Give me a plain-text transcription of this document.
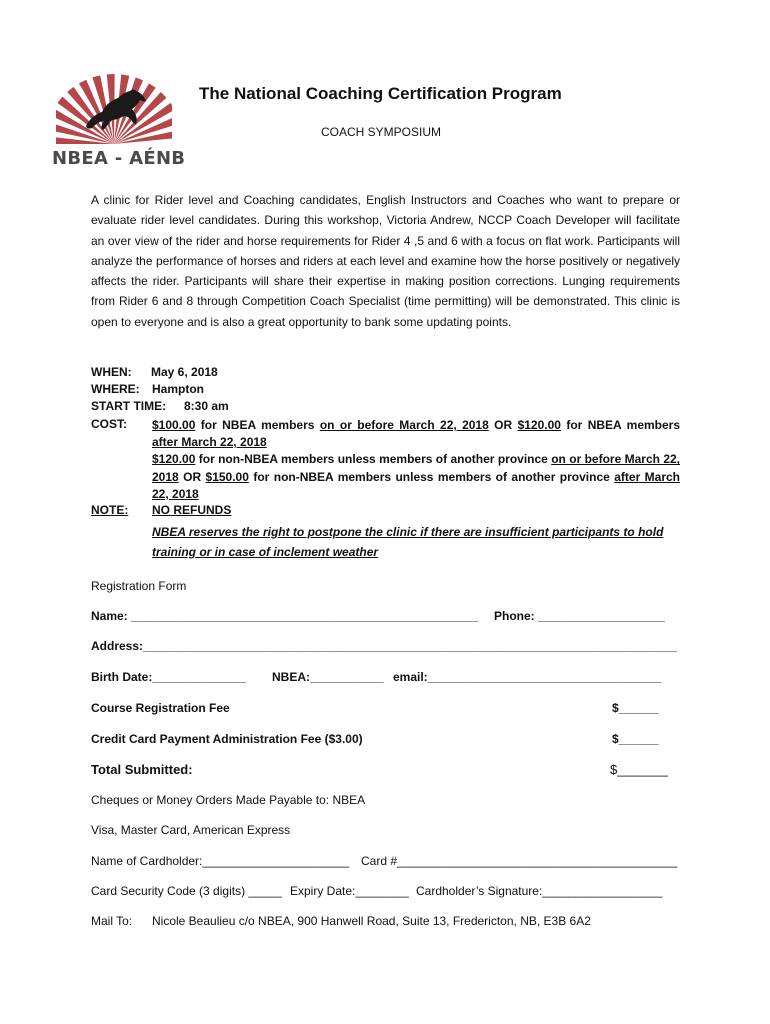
NBEA - AÉNB
The National Coaching Certification Program
COACH SYMPOSIUM

A clinic for Rider level and Coaching candidates, English Instructors and Coaches who want to prepare or evaluate rider level candidates. During this workshop, Victoria Andrew, NCCP Coach Developer will facilitate an over view of the rider and horse requirements for Rider 4 ,5 and 6 with a focus on flat work. Participants will analyze the performance of horses and riders at each level and examine how the horse positively or negatively affects the rider. Participants will share their expertise in making position corrections. Lunging requirements from Rider 6 and 8 through Competition Coach Specialist (time permitting) will be demonstrated. This clinic is open to everyone and is also a great opportunity to bank some updating points.

WHEN: May 6, 2018
WHERE: Hampton
START TIME: 8:30 am
COST: $100.00 for NBEA members on or before March 22, 2018 OR $120.00 for NBEA members after March 22, 2018
$120.00 for non-NBEA members unless members of another province on or before March 22, 2018 OR $150.00 for non-NBEA members unless members of another province after March 22, 2018

NOTE: NO REFUNDS

NBEA reserves the right to postpone the clinic if there are insufficient participants to hold training or in case of inclement weather

Registration Form
Name: ____________________________________________________ Phone: ___________________
Address:________________________________________________________________________________
Birth Date:______________ NBEA:___________ email:___________________________________
Course Registration Fee	$______
Credit Card Payment Administration Fee ($3.00)	$______
Total Submitted:	$_______
Cheques or Money Orders Made Payable to: NBEA
Visa, Master Card, American Express
Name of Cardholder:______________________ Card #__________________________________________
Card Security Code (3 digits) _____ Expiry Date:________ Cardholder’s Signature:__________________
Mail To: Nicole Beaulieu c/o NBEA, 900 Hanwell Road, Suite 13, Fredericton, NB, E3B 6A2
